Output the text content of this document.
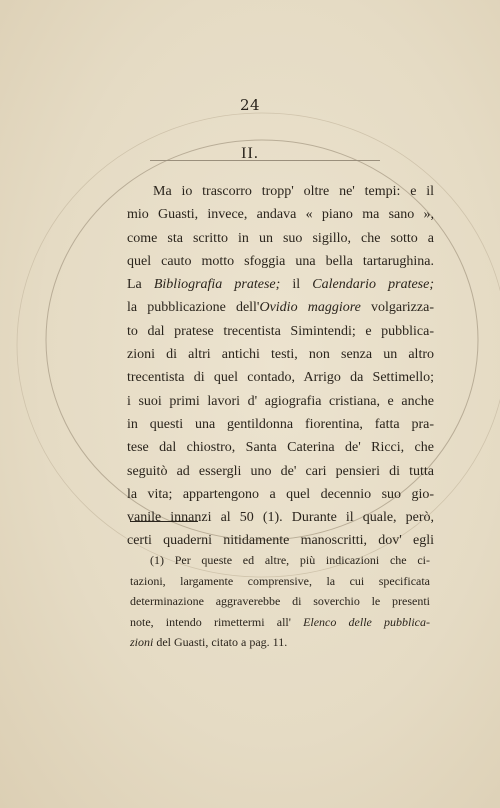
24
II.
Ma io trascorro tropp' oltre ne' tempi: e il
mio Guasti, invece, andava « piano ma sano »,
come sta scritto in un suo sigillo, che sotto a
quel cauto motto sfoggia una bella tartarughina.
La Bibliografia pratese; il Calendario pratese;
la pubblicazione dell'Ovidio maggiore volgarizza-
to dal pratese trecentista Simintendi; e pubblica-
zioni di altri antichi testi, non senza un altro
trecentista di quel contado, Arrigo da Settimello;
i suoi primi lavori d' agiografia cristiana, e anche
in questi una gentildonna fiorentina, fatta pra-
tese dal chiostro, Santa Caterina de' Ricci, che
seguitò ad essergli uno de' cari pensieri di tutta
la vita; appartengono a quel decennio suo gio-
vanile innanzi al 50 (1). Durante il quale, però,
certi quaderni nitidamente manoscritti, dov' egli
(1) Per queste ed altre, più indicazioni che ci-
tazioni, largamente comprensive, la cui specificata
determinazione aggraverebbe di soverchio le presenti
note, intendo rimettermi all' Elenco delle pubblica-
zioni del Guasti, citato a pag. 11.
